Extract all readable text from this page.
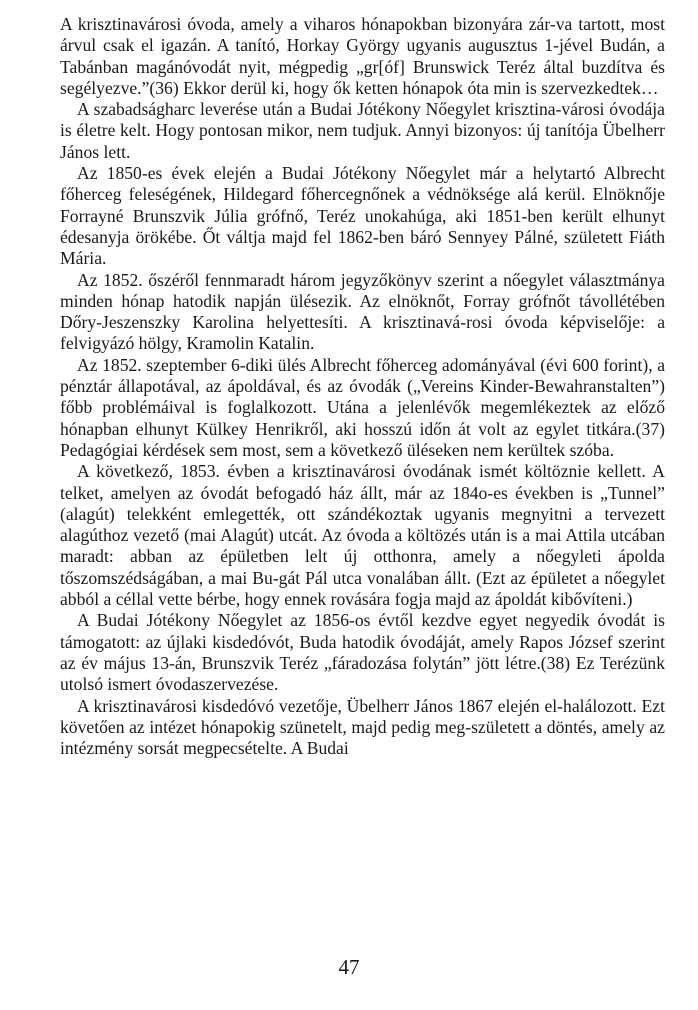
A krisztinavárosi óvoda, amely a viharos hónapokban bizonyára zár-va tartott, most árvul csak el igazán. A tanító, Horkay György ugyanis augusztus 1-jével Budán, a Tabánban magánóvodát nyit, mégpedig „gr[óf] Brunswick Teréz által buzdítva és segélyezve.”(36) Ekkor derül ki, hogy ők ketten hónapok óta min is szervezkedtek…

A szabadságharc leverése után a Budai Jótékony Nőegylet krisztina-városi óvodája is életre kelt. Hogy pontosan mikor, nem tudjuk. Annyi bizonyos: új tanítója Übelherr János lett.

Az 1850-es évek elején a Budai Jótékony Nőegylet már a helytartó Albrecht főherceg feleségének, Hildegard főhercegnőnek a védnöksége alá kerül. Elnöknője Forrayné Brunszvik Júlia grófnő, Teréz unokahúga, aki 1851-ben került elhunyt édesanyja örökébe. Őt váltja majd fel 1862-ben báró Sennyey Pálné, született Fiáth Mária.

Az 1852. őszéről fennmaradt három jegyzőkönyv szerint a nőegylet választmánya minden hónap hatodik napján ülésezik. Az elnöknőt, Forray grófnőt távollétében Dőry-Jeszenszky Karolina helyettesíti. A krisztinavá-rosi óvoda képviselője: a felvigyázó hölgy, Kramolin Katalin.

Az 1852. szeptember 6-diki ülés Albrecht főherceg adományával (évi 600 forint), a pénztár állapotával, az ápoldával, és az óvodák („Vereins Kinder-Bewahranstalten”) főbb problémáival is foglalkozott. Utána a jelenlévők megemlékeztek az előző hónapban elhunyt Külkey Henrikről, aki hosszú időn át volt az egylet titkára.(37) Pedagógiai kérdések sem most, sem a következő üléseken nem kerültek szóba.

A következő, 1853. évben a krisztinavárosi óvodának ismét költöznie kellett. A telket, amelyen az óvodát befogadó ház állt, már az 184o-es években is „Tunnel” (alagút) telekként emlegették, ott szándékoztak ugyanis megnyitni a tervezett alagúthoz vezető (mai Alagút) utcát. Az óvoda a költözés után is a mai Attila utcában maradt: abban az épületben lelt új otthonra, amely a nőegyleti ápolda tőszomszédságában, a mai Bu-gát Pál utca vonalában állt. (Ezt az épületet a nőegylet abból a céllal vette bérbe, hogy ennek rovására fogja majd az ápoldát kibővíteni.)

A Budai Jótékony Nőegylet az 1856-os évtől kezdve egyet negyedik óvodát is támogatott: az újlaki kisdedóvót, Buda hatodik óvodáját, amely Rapos József szerint az év május 13-án, Brunszvik Teréz „fáradozása folytán” jött létre.(38) Ez Terézünk utolsó ismert óvodaszervezése.

A krisztinavárosi kisdedóvó vezetője, Übelherr János 1867 elején el-halálozott. Ezt követően az intézet hónapokig szünetelt, majd pedig meg-született a döntés, amely az intézmény sorsát megpecsételte. A Budai

47
